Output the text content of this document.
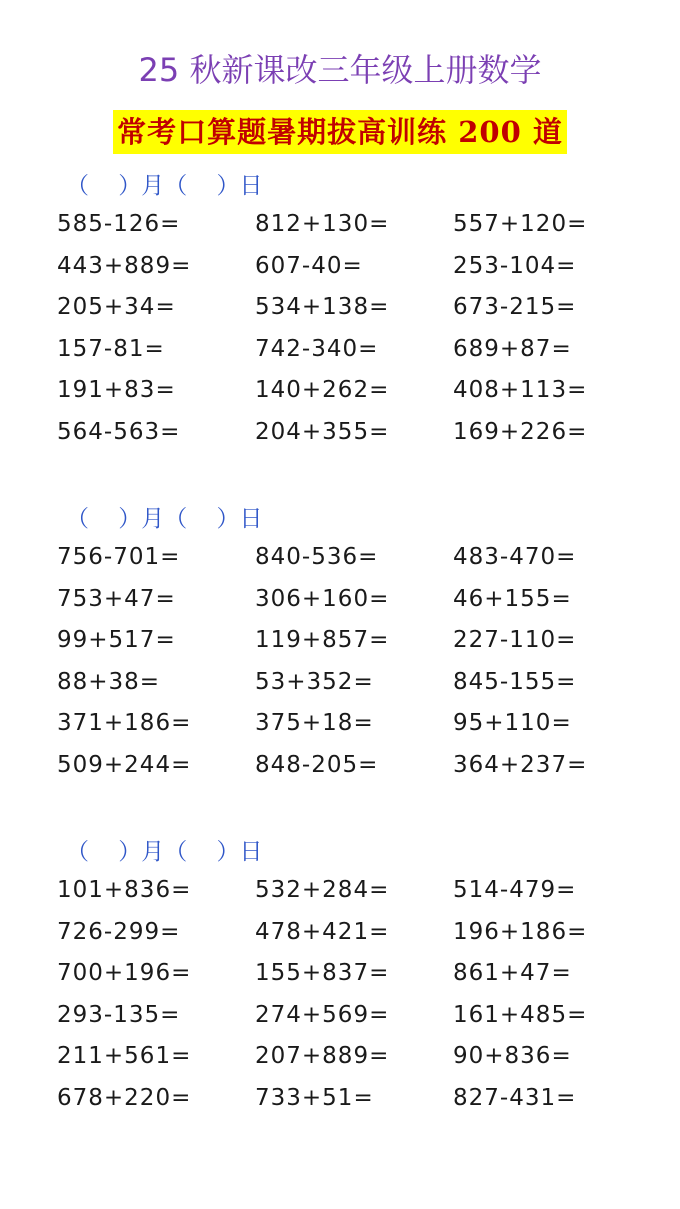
25 秋新课改三年级上册数学
常考口算题暑期拔高训练 200 道
（    ）月（    ）日
585-126=	812+130=	557+120=
443+889=	607-40=	253-104=
205+34=	534+138=	673-215=
157-81=	742-340=	689+87=
191+83=	140+262=	408+113=
564-563=	204+355=	169+226=
（    ）月（    ）日
756-701=	840-536=	483-470=
753+47=	306+160=	46+155=
99+517=	119+857=	227-110=
88+38=	53+352=	845-155=
371+186=	375+18=	95+110=
509+244=	848-205=	364+237=
（    ）月（    ）日
101+836=	532+284=	514-479=
726-299=	478+421=	196+186=
700+196=	155+837=	861+47=
293-135=	274+569=	161+485=
211+561=	207+889=	90+836=
678+220=	733+51=	827-431=
